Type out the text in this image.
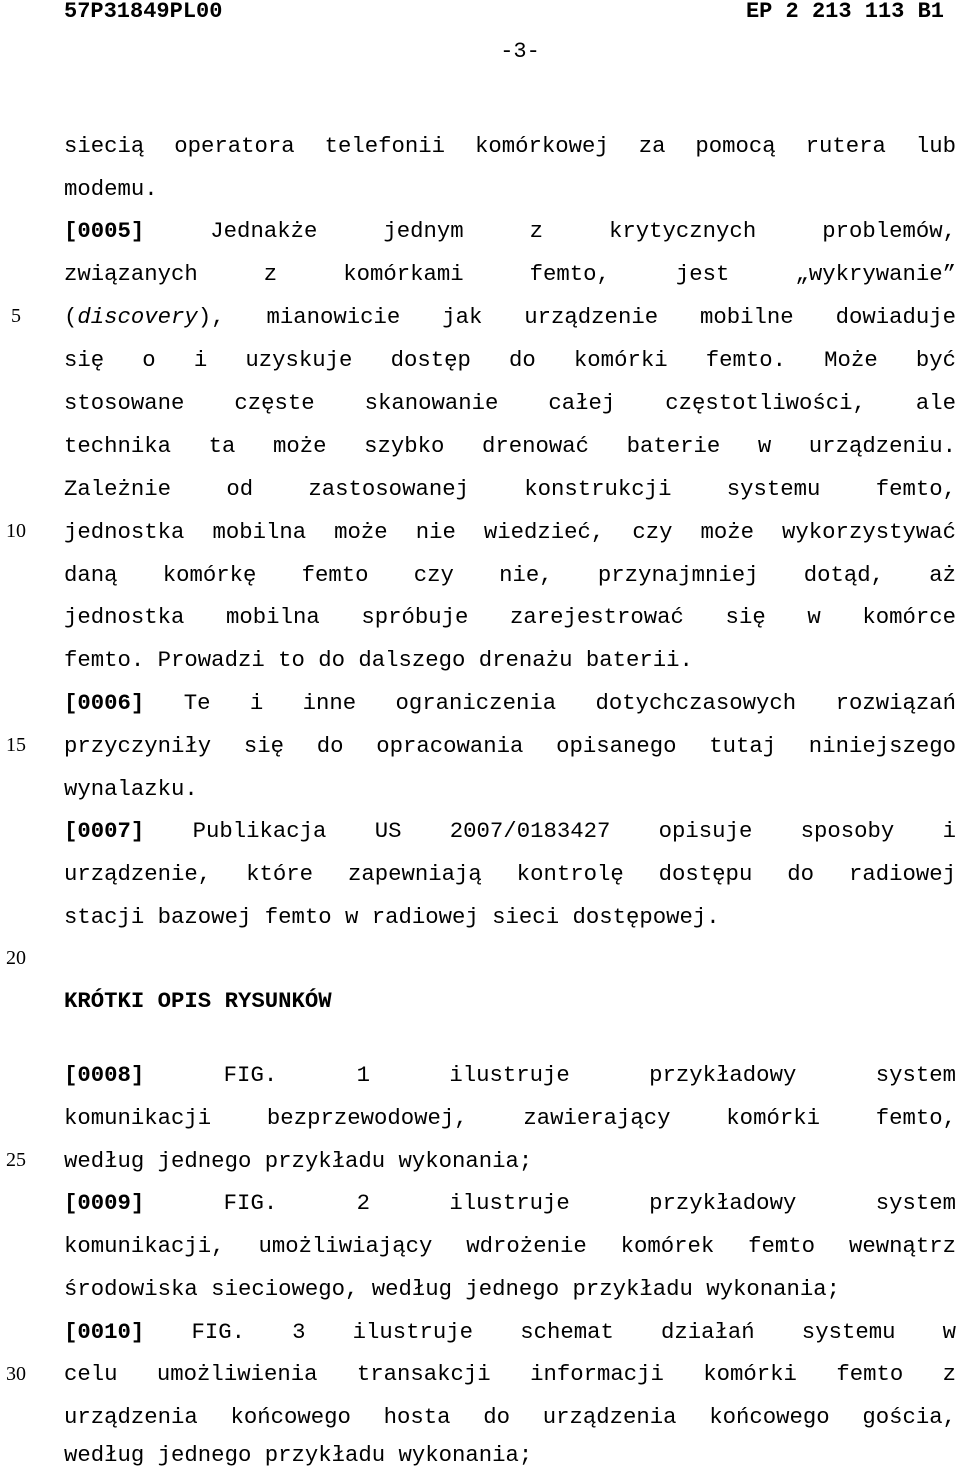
57P31849PL00	EP 2 213 113 B1
-3-
5
10
15
20
25
30
siecią operatora telefonii komórkowej za pomocą rutera lub
modemu.
[0005] Jednakże jednym z krytycznych problemów,
związanych z komórkami femto, jest „wykrywanie”
(discovery), mianowicie jak urządzenie mobilne dowiaduje
się o i uzyskuje dostęp do komórki femto. Może być
stosowane częste skanowanie całej częstotliwości, ale
technika ta może szybko drenować baterie w urządzeniu.
Zależnie od zastosowanej konstrukcji systemu femto,
jednostka mobilna może nie wiedzieć, czy może wykorzystywać
daną komórkę femto czy nie, przynajmniej dotąd, aż
jednostka mobilna spróbuje zarejestrować się w komórce
femto. Prowadzi to do dalszego drenażu baterii.
[0006] Te i inne ograniczenia dotychczasowych rozwiązań
przyczyniły się do opracowania opisanego tutaj niniejszego
wynalazku.
[0007] Publikacja US 2007/0183427 opisuje sposoby i
urządzenie, które zapewniają kontrolę dostępu do radiowej
stacji bazowej femto w radiowej sieci dostępowej.
KRÓTKI OPIS RYSUNKÓW
[0008] FIG. 1 ilustruje przykładowy system
komunikacji bezprzewodowej, zawierający komórki femto,
według jednego przykładu wykonania;
[0009] FIG. 2 ilustruje przykładowy system
komunikacji, umożliwiający wdrożenie komórek femto wewnątrz
środowiska sieciowego, według jednego przykładu wykonania;
[0010] FIG. 3 ilustruje schemat działań systemu w
celu umożliwienia transakcji informacji komórki femto z
urządzenia końcowego hosta do urządzenia końcowego gościa,
według jednego przykładu wykonania;
